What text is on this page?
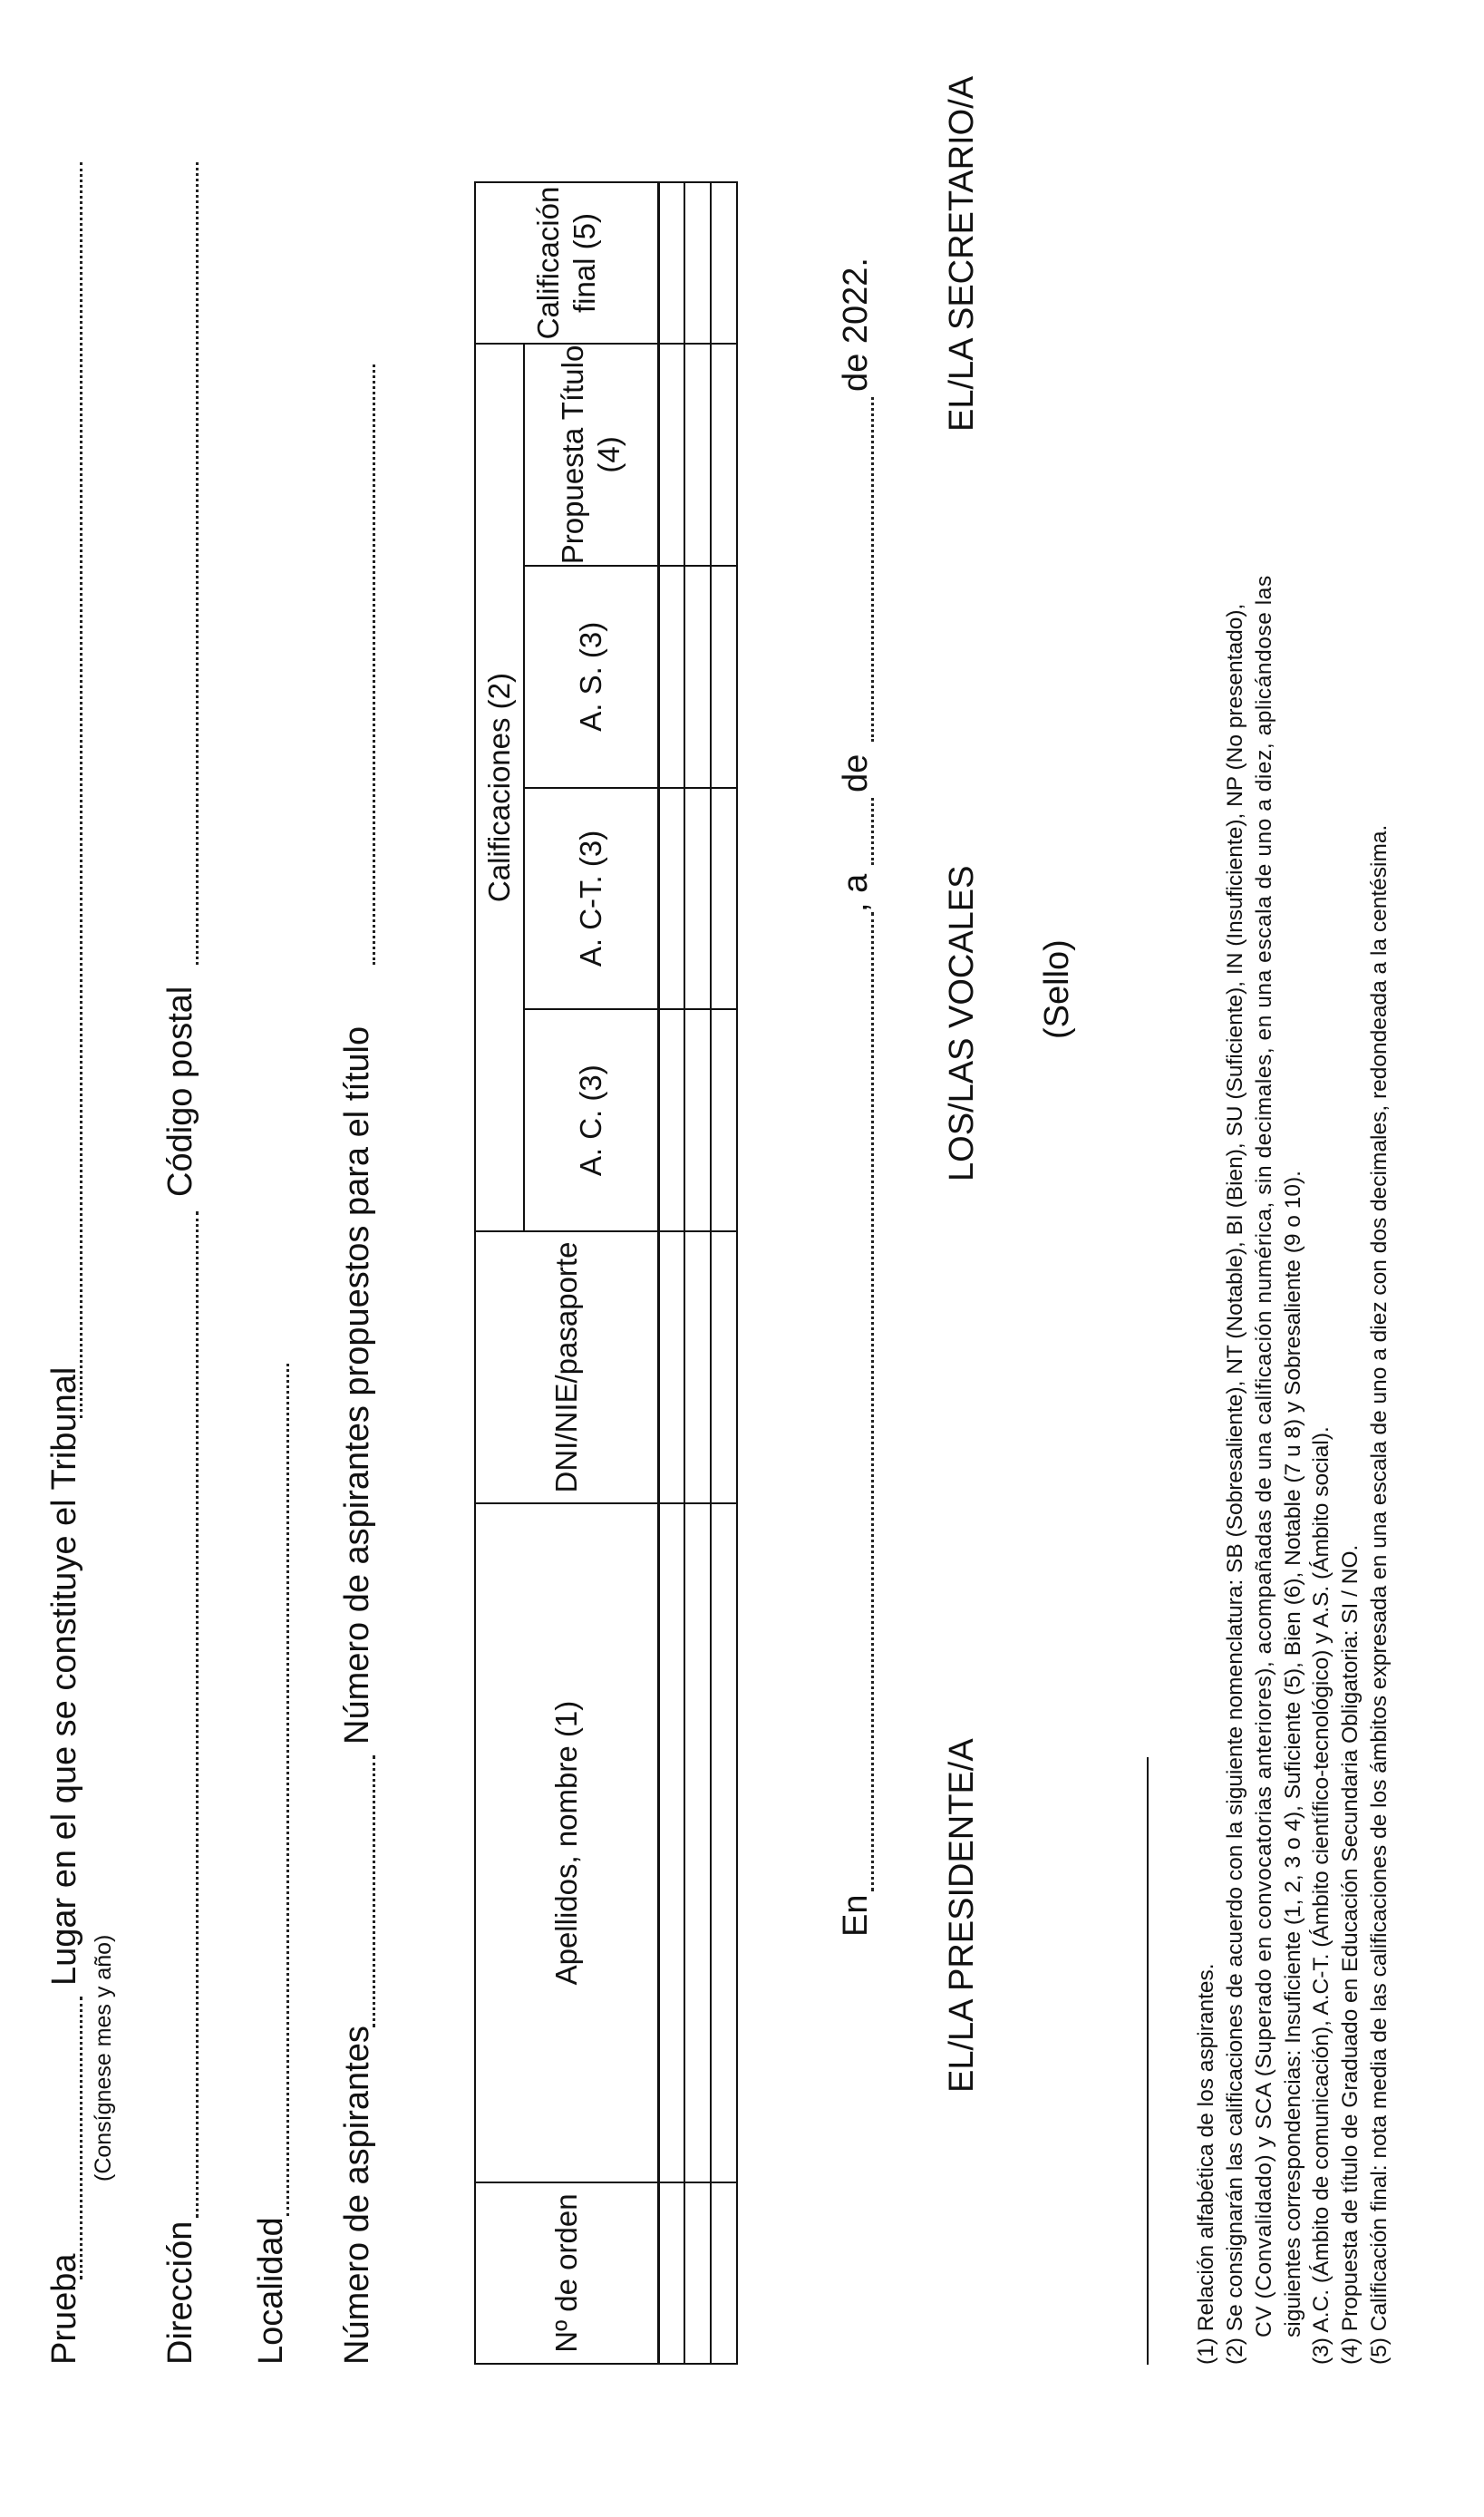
Prueba
(Consígnese mes y año)
Lugar en el que se constituye el Tribunal
Dirección
Código postal
Localidad Número de aspirantes
Número de aspirantes propuestos para el título
Nº de orden	Apellidos, nombre (1)	DNI/NIE/pasaporte	Calificaciones (2)				Calificación final (5)
			A. C. (3)	A. C-T. (3)	A. S. (3)	Propuesta Título (4)	

En
, a
de
de 2022.
EL/LA PRESIDENTE/A
LOS/LAS VOCALES
EL/LA SECRETARIO/A
(Sello)
(1) Relación alfabética de los aspirantes. (2) Se consignarán las calificaciones de acuerdo con la siguiente nomenclatura: SB (Sobresaliente), NT (Notable), BI (Bien), SU (Suficiente), IN (Insuficiente), NP (No presentado), CV (Convalidado) y SCA (Superado en convocatorias anteriores), acompañadas de una calificación numérica, sin decimales, en una escala de uno a diez, aplicándose las siguientes correspondencias: Insuficiente (1, 2, 3 o 4), Suficiente (5), Bien (6), Notable (7 u 8) y Sobresaliente (9 o 10). (3) A.C. (Ámbito de comunicación), A.C-T. (Ámbito científico-tecnológico) y A.S. (Ámbito social). (4) Propuesta de título de Graduado en Educación Secundaria Obligatoria: SI / NO. (5) Calificación final: nota media de las calificaciones de los ámbitos expresada en una escala de uno a diez con dos decimales, redondeada a la centésima.
